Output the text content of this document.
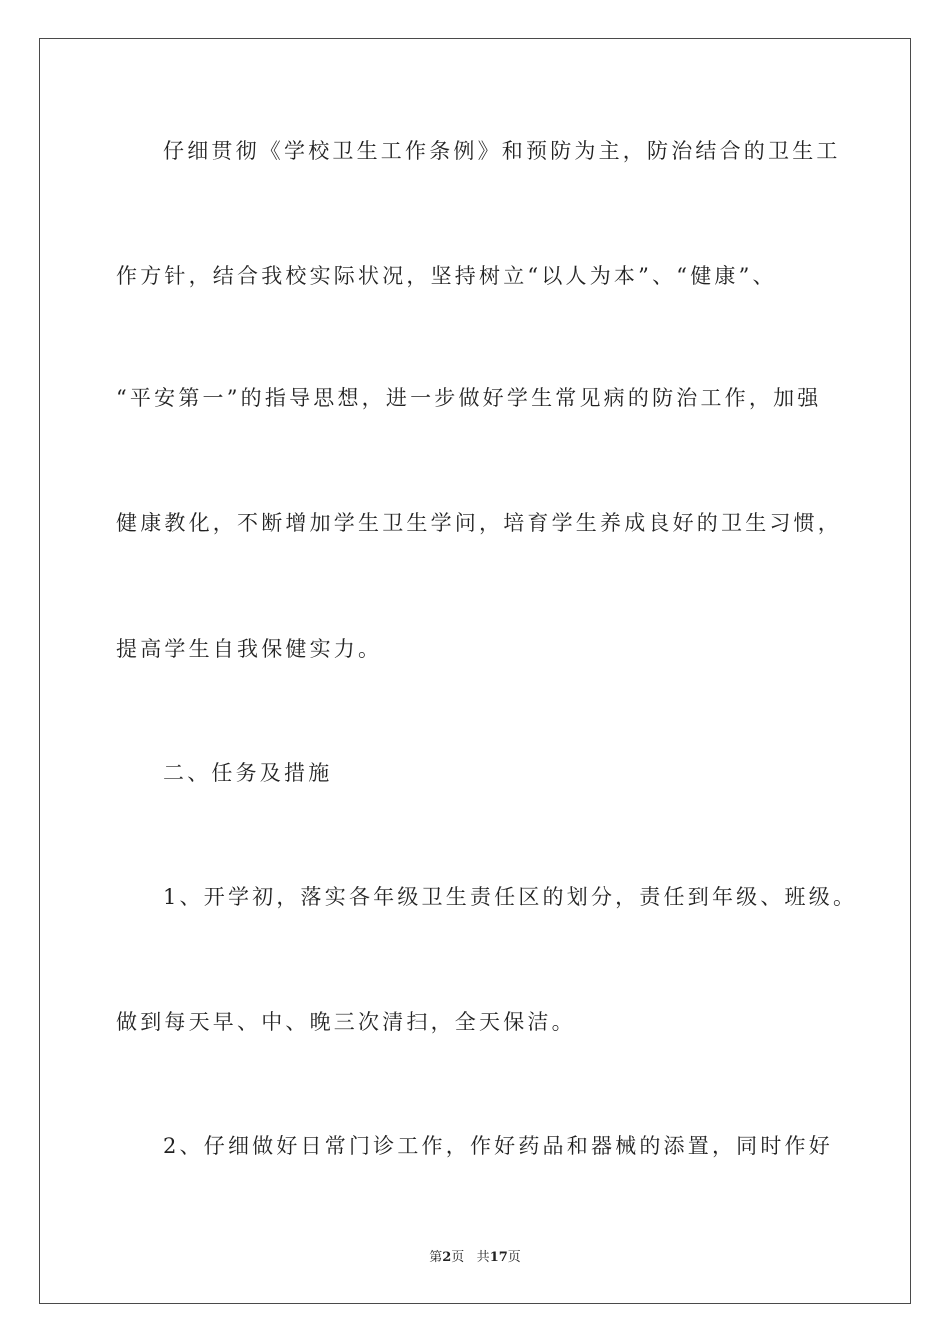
仔细贯彻《学校卫生工作条例》和预防为主，防治结合的卫生工
作方针，结合我校实际状况，坚持树立“以人为本”、“健康”、
“平安第一”的指导思想，进一步做好学生常见病的防治工作，加强
健康教化，不断增加学生卫生学问，培育学生养成良好的卫生习惯，
提高学生自我保健实力。
二、任务及措施
1、开学初，落实各年级卫生责任区的划分，责任到年级、班级。
做到每天早、中、晚三次清扫，全天保洁。
2、仔细做好日常门诊工作，作好药品和器械的添置，同时作好
第2页 共17页
